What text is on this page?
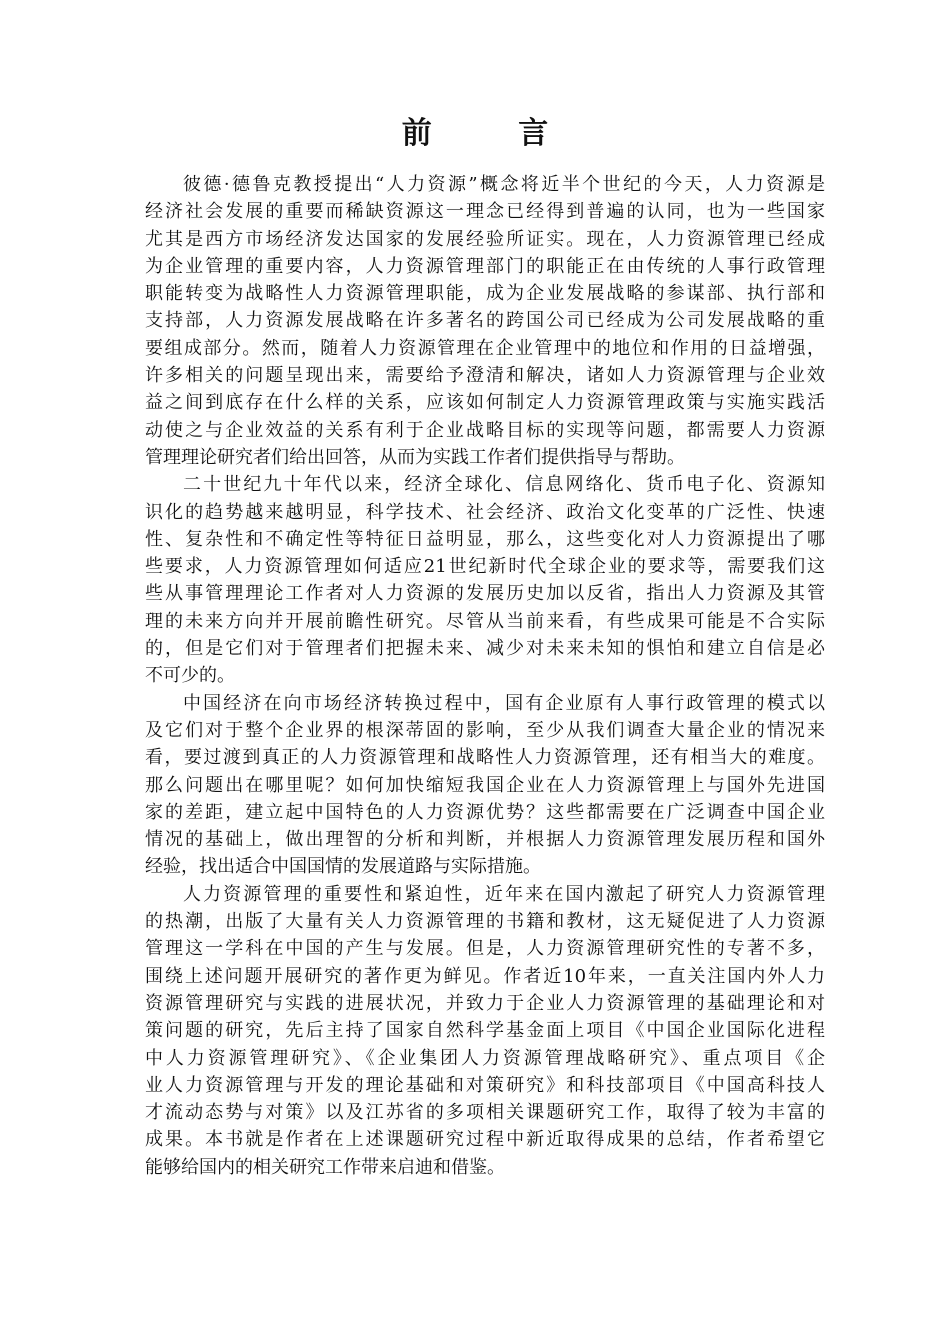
前 言
彼德·德鲁克教授提出“人力资源”概念将近半个世纪的今天，人力资源是
经济社会发展的重要而稀缺资源这一理念已经得到普遍的认同，也为一些国家
尤其是西方市场经济发达国家的发展经验所证实。现在，人力资源管理已经成
为企业管理的重要内容，人力资源管理部门的职能正在由传统的人事行政管理
职能转变为战略性人力资源管理职能，成为企业发展战略的参谋部、执行部和
支持部，人力资源发展战略在许多著名的跨国公司已经成为公司发展战略的重
要组成部分。然而，随着人力资源管理在企业管理中的地位和作用的日益增强，
许多相关的问题呈现出来，需要给予澄清和解决，诸如人力资源管理与企业效
益之间到底存在什么样的关系，应该如何制定人力资源管理政策与实施实践活
动使之与企业效益的关系有利于企业战略目标的实现等问题，都需要人力资源
管理理论研究者们给出回答，从而为实践工作者们提供指导与帮助。
二十世纪九十年代以来，经济全球化、信息网络化、货币电子化、资源知
识化的趋势越来越明显，科学技术、社会经济、政治文化变革的广泛性、快速
性、复杂性和不确定性等特征日益明显，那么，这些变化对人力资源提出了哪
些要求，人力资源管理如何适应21世纪新时代全球企业的要求等，需要我们这
些从事管理理论工作者对人力资源的发展历史加以反省，指出人力资源及其管
理的未来方向并开展前瞻性研究。尽管从当前来看，有些成果可能是不合实际
的，但是它们对于管理者们把握未来、减少对未来未知的惧怕和建立自信是必
不可少的。
中国经济在向市场经济转换过程中，国有企业原有人事行政管理的模式以
及它们对于整个企业界的根深蒂固的影响，至少从我们调查大量企业的情况来
看，要过渡到真正的人力资源管理和战略性人力资源管理，还有相当大的难度。
那么问题出在哪里呢？如何加快缩短我国企业在人力资源管理上与国外先进国
家的差距，建立起中国特色的人力资源优势？这些都需要在广泛调查中国企业
情况的基础上，做出理智的分析和判断，并根据人力资源管理发展历程和国外
经验，找出适合中国国情的发展道路与实际措施。
人力资源管理的重要性和紧迫性，近年来在国内激起了研究人力资源管理
的热潮，出版了大量有关人力资源管理的书籍和教材，这无疑促进了人力资源
管理这一学科在中国的产生与发展。但是，人力资源管理研究性的专著不多，
围绕上述问题开展研究的著作更为鲜见。作者近10年来，一直关注国内外人力
资源管理研究与实践的进展状况，并致力于企业人力资源管理的基础理论和对
策问题的研究，先后主持了国家自然科学基金面上项目《中国企业国际化进程
中人力资源管理研究》、《企业集团人力资源管理战略研究》、重点项目《企
业人力资源管理与开发的理论基础和对策研究》和科技部项目《中国高科技人
才流动态势与对策》以及江苏省的多项相关课题研究工作，取得了较为丰富的
成果。本书就是作者在上述课题研究过程中新近取得成果的总结，作者希望它
能够给国内的相关研究工作带来启迪和借鉴。
